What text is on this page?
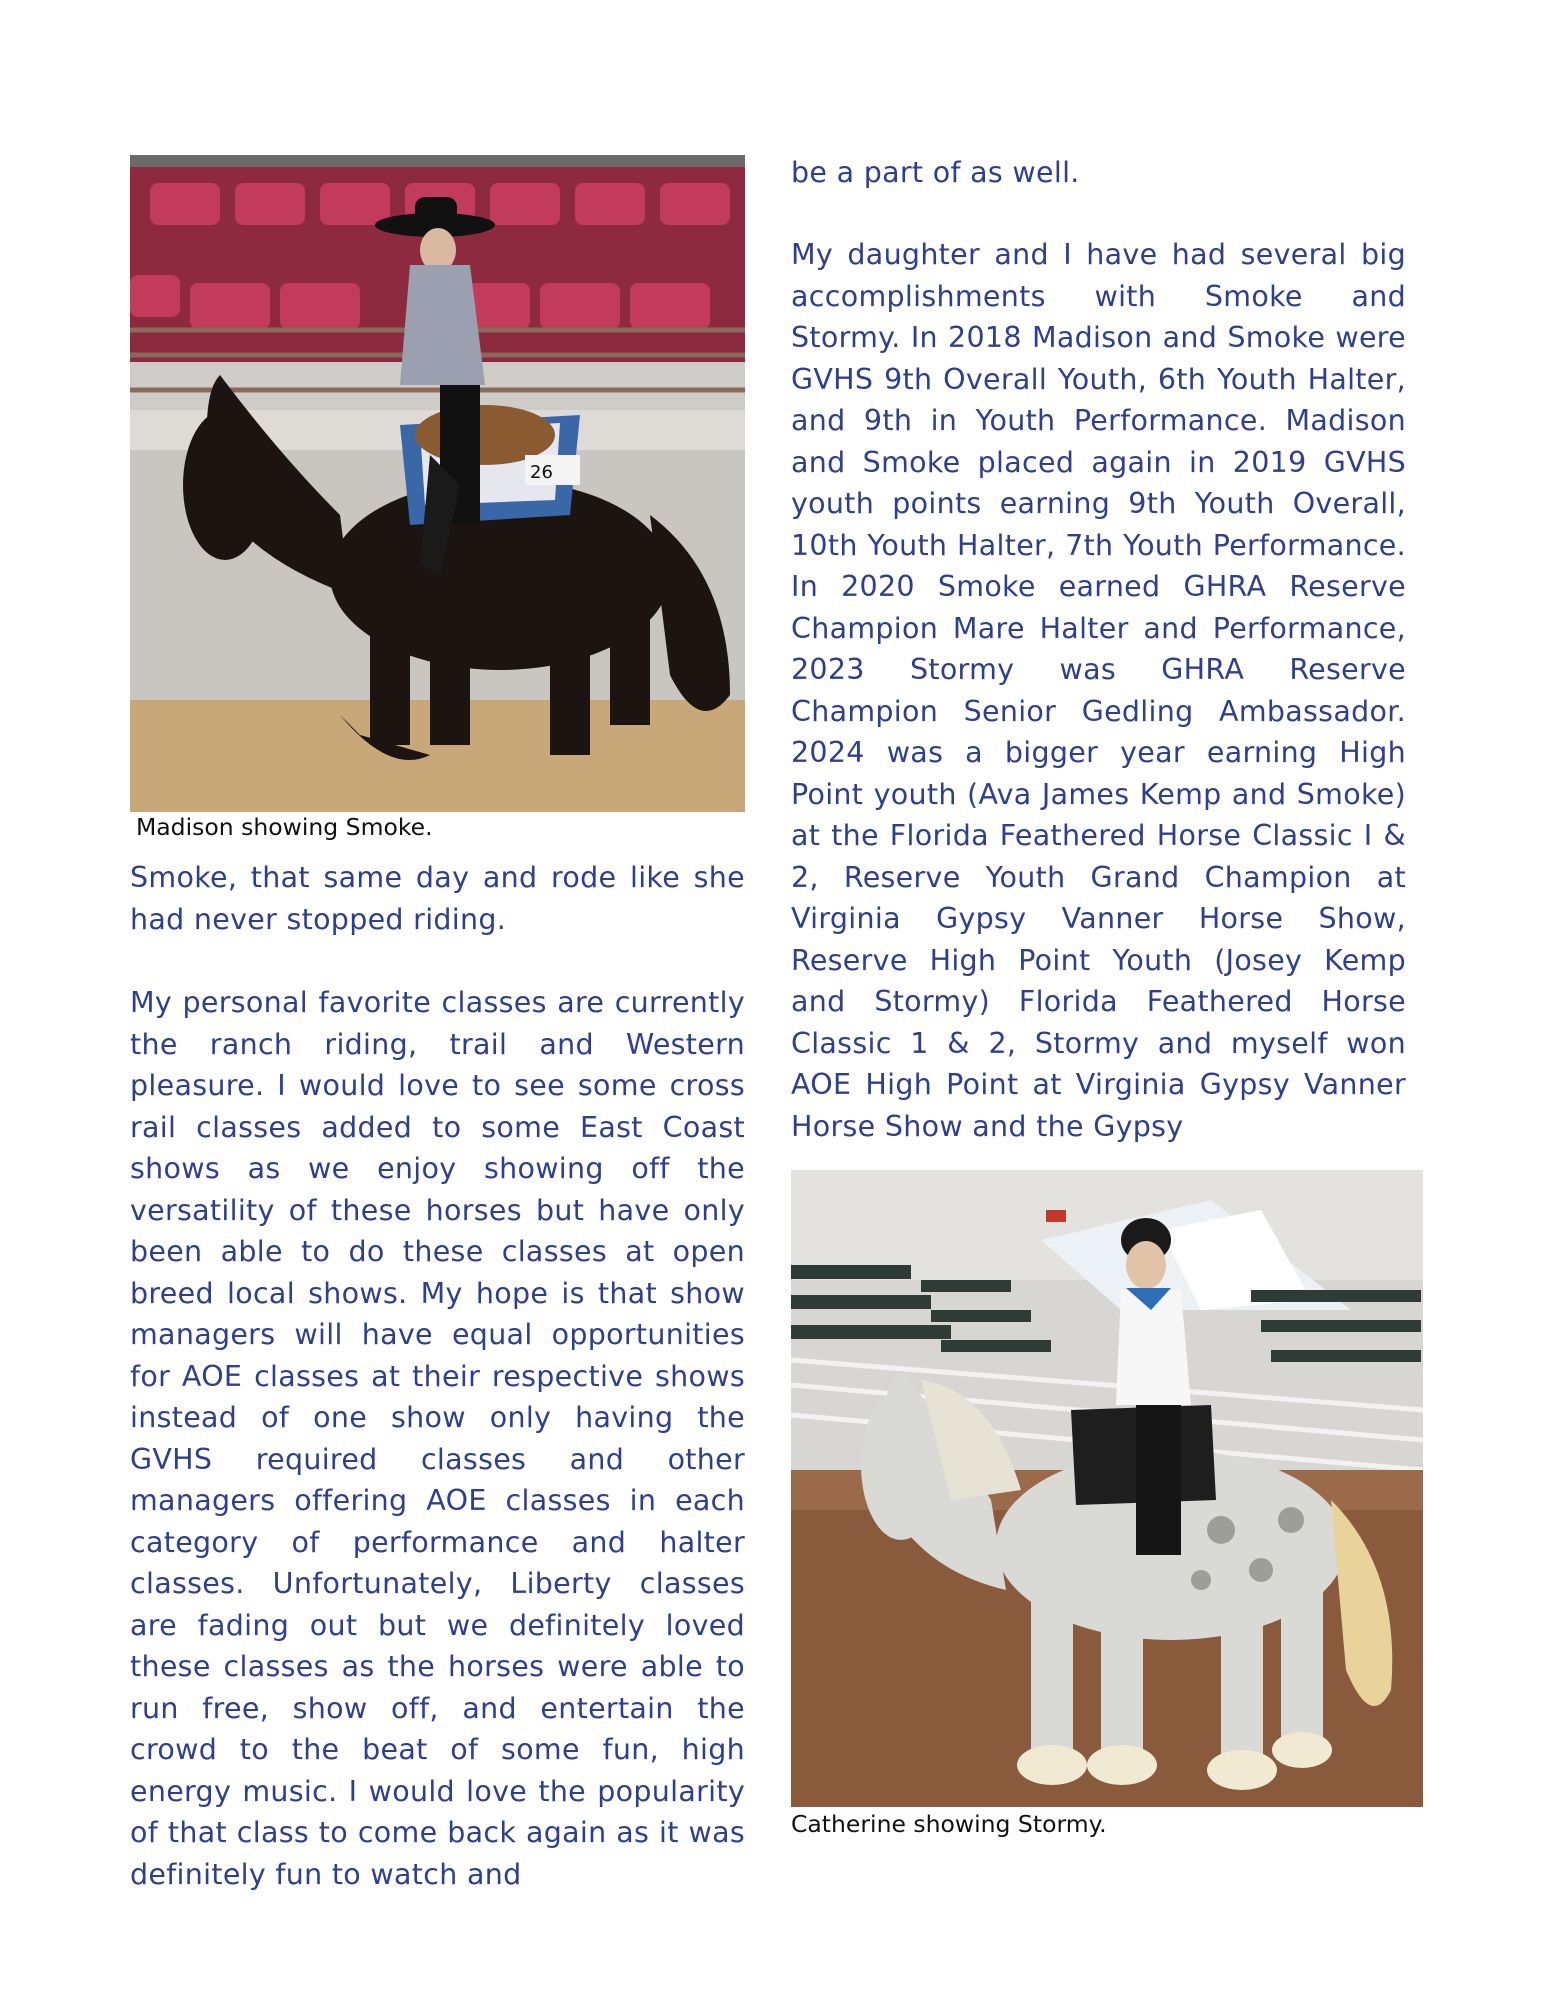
26
Madison showing Smoke.

Smoke, that same day and rode like she had never stopped riding.

My personal favorite classes are currently the ranch riding, trail and Western pleasure. I would love to see some cross rail classes added to some East Coast shows as we enjoy showing off the versatility of these horses but have only been able to do these classes at open breed local shows. My hope is that show managers will have equal opportunities for AOE classes at their respective shows instead of one show only having the GVHS required classes and other managers offering AOE classes in each category of performance and halter classes. Unfortunately, Liberty classes are fading out but we definitely loved these classes as the horses were able to run free, show off, and entertain the crowd to the beat of some fun, high energy music. I would love the popularity of that class to come back again as it was definitely fun to watch and

be a part of as well.

My daughter and I have had several big accomplishments with Smoke and Stormy. In 2018 Madison and Smoke were GVHS 9th Overall Youth, 6th Youth Halter, and 9th in Youth Performance. Madison and Smoke placed again in 2019 GVHS youth points earning 9th Youth Overall, 10th Youth Halter, 7th Youth Performance. In 2020 Smoke earned GHRA Reserve Champion Mare Halter and Performance, 2023 Stormy was GHRA Reserve Champion Senior Gedling Ambassador. 2024 was a bigger year earning High Point youth (Ava James Kemp and Smoke) at the Florida Feathered Horse Classic I & 2, Reserve Youth Grand Champion at Virginia Gypsy Vanner Horse Show, Reserve High Point Youth (Josey Kemp and Stormy) Florida Feathered Horse Classic 1 & 2, Stormy and myself won AOE High Point at Virginia Gypsy Vanner Horse Show and the Gypsy

Catherine showing Stormy.
